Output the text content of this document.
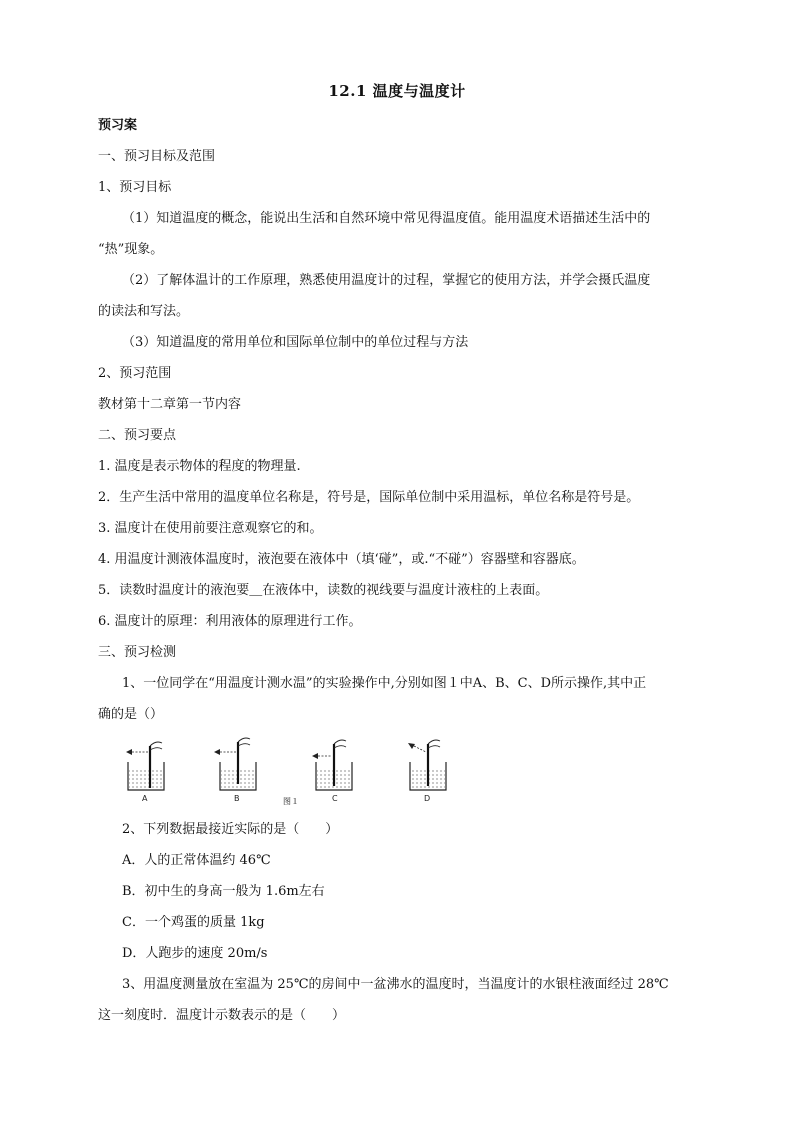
12.1 温度与温度计
预习案
一、预习目标及范围
1、预习目标
（1）知道温度的概念，能说出生活和自然环境中常见得温度值。能用温度术语描述生活中的
“热”现象。
（2）了解体温计的工作原理，熟悉使用温度计的过程，掌握它的使用方法，并学会摄氏温度
的读法和写法。
（3）知道温度的常用单位和国际单位制中的单位过程与方法
2、预习范围
教材第十二章第一节内容
二、预习要点
1. 温度是表示物体的程度的物理量.
2．生产生活中常用的温度单位名称是，符号是，国际单位制中采用温标，单位名称是符号是。
3. 温度计在使用前要注意观察它的和。
4. 用温度计测液体温度时，液泡要在液体中（填‘碰”，或.“不碰”）容器壁和容器底。
5．读数时温度计的液泡要＿在液体中，读数的视线要与温度计液柱的上表面。
6. 温度计的原理：利用液体的原理进行工作。
三、预习检测
1、一位同学在“用温度计测水温”的实验操作中,分别如图１中A、B、C、D所示操作,其中正
确的是（）
A	B	图１	C	D
2、下列数据最接近实际的是（　　）
A．人的正常体温约 46℃
B．初中生的身高一般为 1.6m左右
C．一个鸡蛋的质量 1kg
D．人跑步的速度 20m/s
3、用温度测量放在室温为 25℃的房间中一盆沸水的温度时，当温度计的水银柱液面经过 28℃
这一刻度时．温度计示数表示的是（　　）
